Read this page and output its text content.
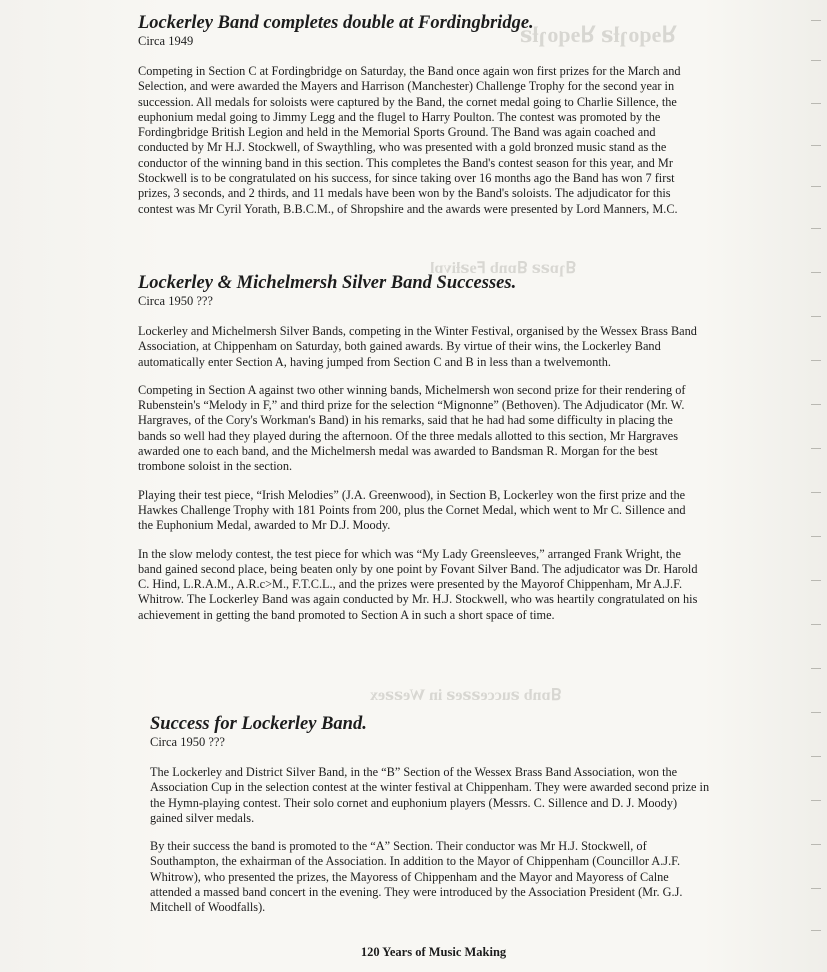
ꓤɘqoɿƚꙅ ꓤɘqoɿƚꙅ
ꓭɿɒꙅꙅ ꓭɒnb ꓝɘꙅƚivɒl
ꓭɒnb ꙅucceꙅꙅeꙅ in Weꙅꙅex
Lockerley Band completes double at Fordingbridge.

Circa 1949

Competing in Section C at Fordingbridge on Saturday, the Band once again won first prizes for the March and Selection, and were awarded the Mayers and Harrison (Manchester) Challenge Trophy for the second year in succession. All medals for soloists were captured by the Band, the cornet medal going to Charlie Sillence, the euphonium medal going to Jimmy Legg and the flugel to Harry Poulton. The contest was promoted by the Fordingbridge British Legion and held in the Memorial Sports Ground. The Band was again coached and conducted by Mr H.J. Stockwell, of Swaythling, who was presented with a gold bronzed music stand as the conductor of the winning band in this section. This completes the Band's contest season for this year, and Mr Stockwell is to be congratulated on his success, for since taking over 16 months ago the Band has won 7 first prizes, 3 seconds, and 2 thirds, and 11 medals have been won by the Band's soloists. The adjudicator for this contest was Mr Cyril Yorath, B.B.C.M., of Shropshire and the awards were presented by Lord Manners, M.C.

Lockerley & Michelmersh Silver Band Successes.

Circa 1950 ???

Lockerley and Michelmersh Silver Bands, competing in the Winter Festival, organised by the Wessex Brass Band Association, at Chippenham on Saturday, both gained awards. By virtue of their wins, the Lockerley Band automatically enter Section A, having jumped from Section C and B in less than a twelvemonth.

Competing in Section A against two other winning bands, Michelmersh won second prize for their rendering of Rubenstein's “Melody in F,” and third prize for the selection “Mignonne” (Bethoven). The Adjudicator (Mr. W. Hargraves, of the Cory's Workman's Band) in his remarks, said that he had had some difficulty in placing the bands so well had they played during the afternoon. Of the three medals allotted to this section, Mr Hargraves awarded one to each band, and the Michelmersh medal was awarded to Bandsman R. Morgan for the best trombone soloist in the section.

Playing their test piece, “Irish Melodies” (J.A. Greenwood), in Section B, Lockerley won the first prize and the Hawkes Challenge Trophy with 181 Points from 200, plus the Cornet Medal, which went to Mr C. Sillence and the Euphonium Medal, awarded to Mr D.J. Moody.

In the slow melody contest, the test piece for which was “My Lady Greensleeves,” arranged Frank Wright, the band gained second place, being beaten only by one point by Fovant Silver Band. The adjudicator was Dr. Harold C. Hind, L.R.A.M., A.R.c>M., F.T.C.L., and the prizes were presented by the Mayorof Chippenham, Mr A.J.F. Whitrow. The Lockerley Band was again conducted by Mr. H.J. Stockwell, who was heartily congratulated on his achievement in getting the band promoted to Section A in such a short space of time.

Success for Lockerley Band.

Circa 1950 ???

The Lockerley and District Silver Band, in the “B” Section of the Wessex Brass Band Association, won the Association Cup in the selection contest at the winter festival at Chippenham. They were awarded second prize in the Hymn-playing contest. Their solo cornet and euphonium players (Messrs. C. Sillence and D. J. Moody) gained silver medals.

By their success the band is promoted to the “A” Section. Their conductor was Mr H.J. Stockwell, of Southampton, the exhairman of the Association. In addition to the Mayor of Chippenham (Councillor A.J.F. Whitrow), who presented the prizes, the Mayoress of Chippenham and the Mayor and Mayoress of Calne attended a massed band concert in the evening. They were introduced by the Association President (Mr. G.J. Mitchell of Woodfalls).

120 Years of Music Making
